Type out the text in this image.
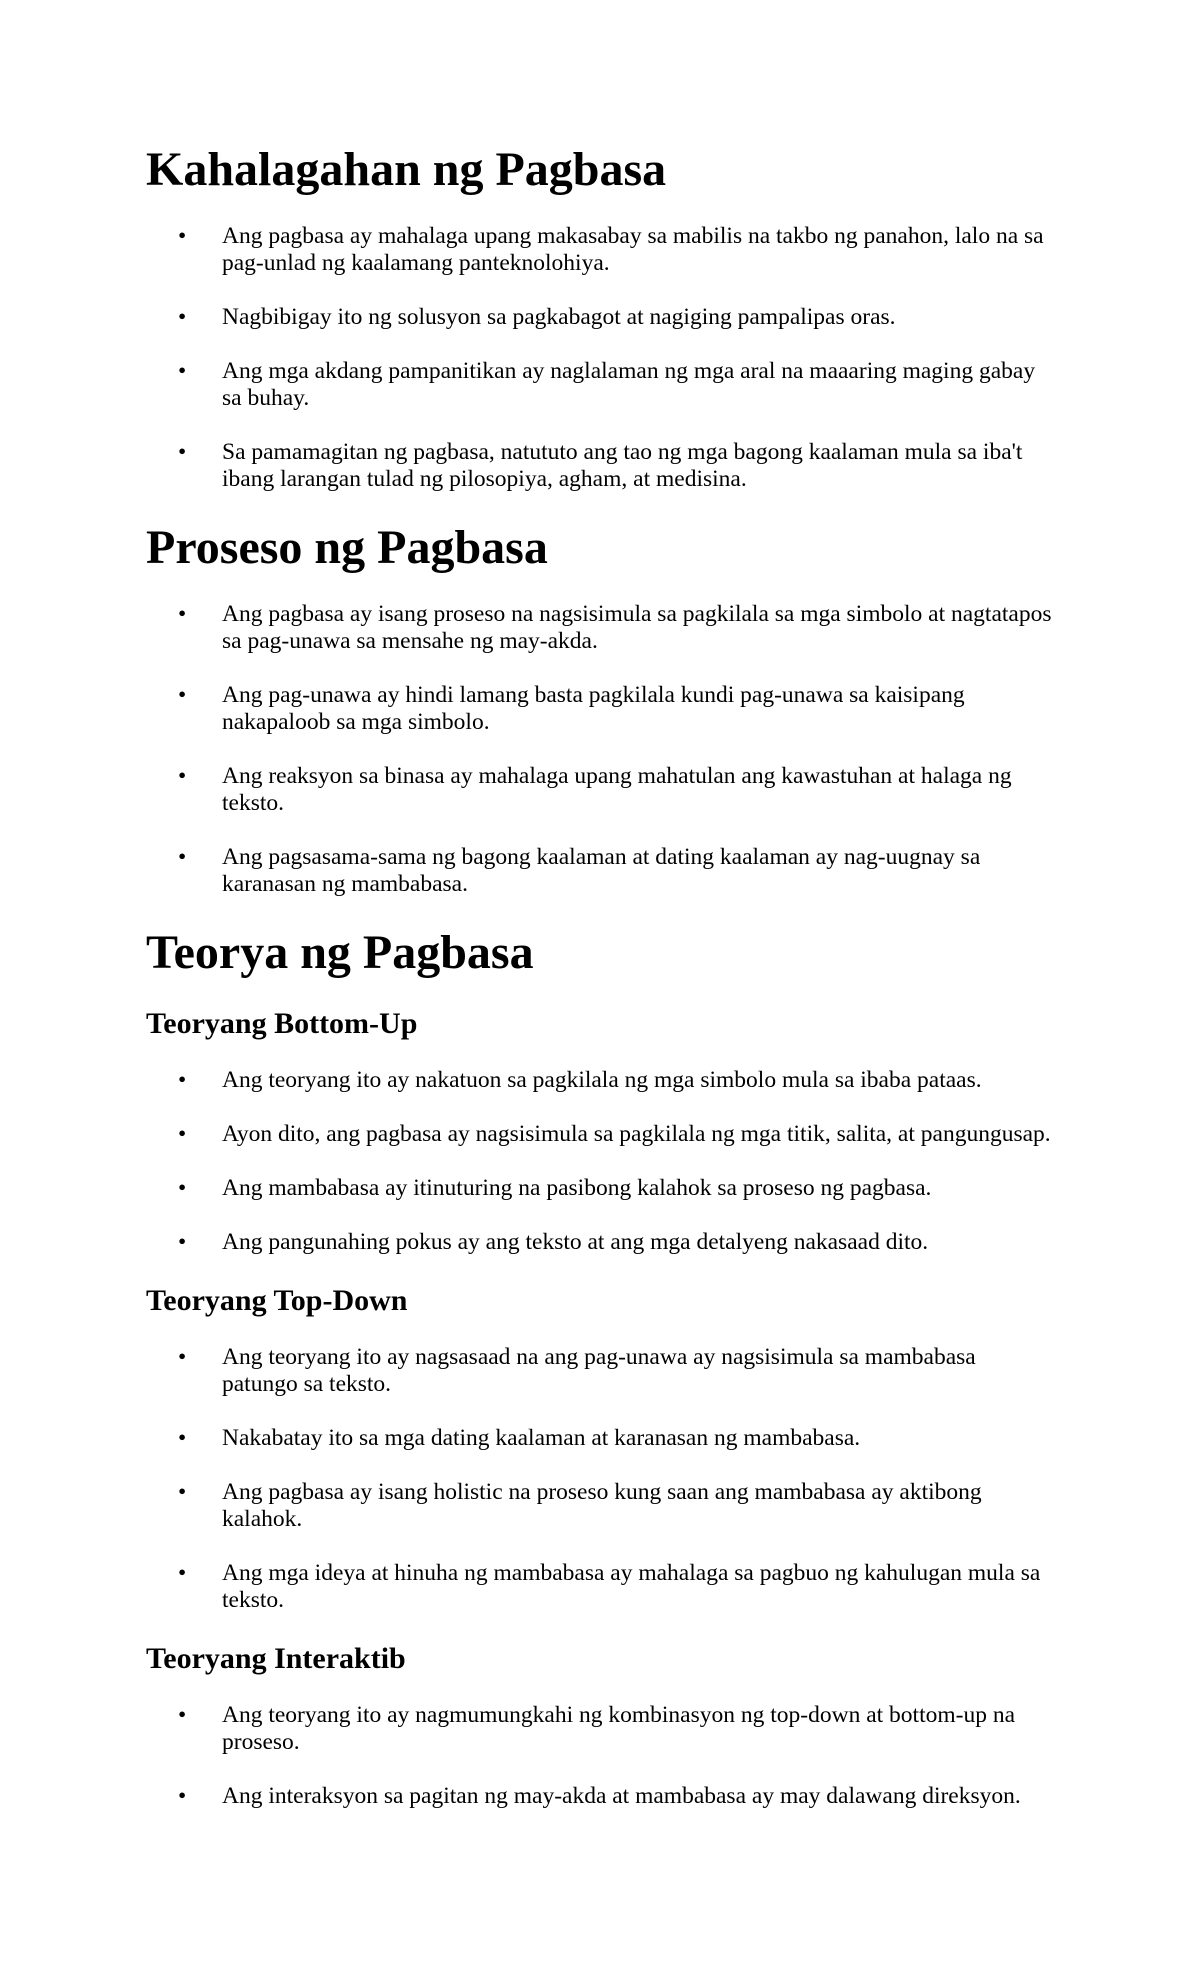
Kahalagahan ng Pagbasa
• Ang pagbasa ay mahalaga upang makasabay sa mabilis na takbo ng panahon, lalo na sa pag-unlad ng kaalamang panteknolohiya.
• Nagbibigay ito ng solusyon sa pagkabagot at nagiging pampalipas oras.
• Ang mga akdang pampanitikan ay naglalaman ng mga aral na maaaring maging gabay sa buhay.
• Sa pamamagitan ng pagbasa, natututo ang tao ng mga bagong kaalaman mula sa iba't ibang larangan tulad ng pilosopiya, agham, at medisina.
Proseso ng Pagbasa
• Ang pagbasa ay isang proseso na nagsisimula sa pagkilala sa mga simbolo at nagtatapos sa pag-unawa sa mensahe ng may-akda.
• Ang pag-unawa ay hindi lamang basta pagkilala kundi pag-unawa sa kaisipang nakapaloob sa mga simbolo.
• Ang reaksyon sa binasa ay mahalaga upang mahatulan ang kawastuhan at halaga ng teksto.
• Ang pagsasama-sama ng bagong kaalaman at dating kaalaman ay nag-uugnay sa karanasan ng mambabasa.
Teorya ng Pagbasa
Teoryang Bottom-Up
• Ang teoryang ito ay nakatuon sa pagkilala ng mga simbolo mula sa ibaba pataas.
• Ayon dito, ang pagbasa ay nagsisimula sa pagkilala ng mga titik, salita, at pangungusap.
• Ang mambabasa ay itinuturing na pasibong kalahok sa proseso ng pagbasa.
• Ang pangunahing pokus ay ang teksto at ang mga detalyeng nakasaad dito.
Teoryang Top-Down
• Ang teoryang ito ay nagsasaad na ang pag-unawa ay nagsisimula sa mambabasa patungo sa teksto.
• Nakabatay ito sa mga dating kaalaman at karanasan ng mambabasa.
• Ang pagbasa ay isang holistic na proseso kung saan ang mambabasa ay aktibong kalahok.
• Ang mga ideya at hinuha ng mambabasa ay mahalaga sa pagbuo ng kahulugan mula sa teksto.
Teoryang Interaktib
• Ang teoryang ito ay nagmumungkahi ng kombinasyon ng top-down at bottom-up na proseso.
• Ang interaksyon sa pagitan ng may-akda at mambabasa ay may dalawang direksyon.
